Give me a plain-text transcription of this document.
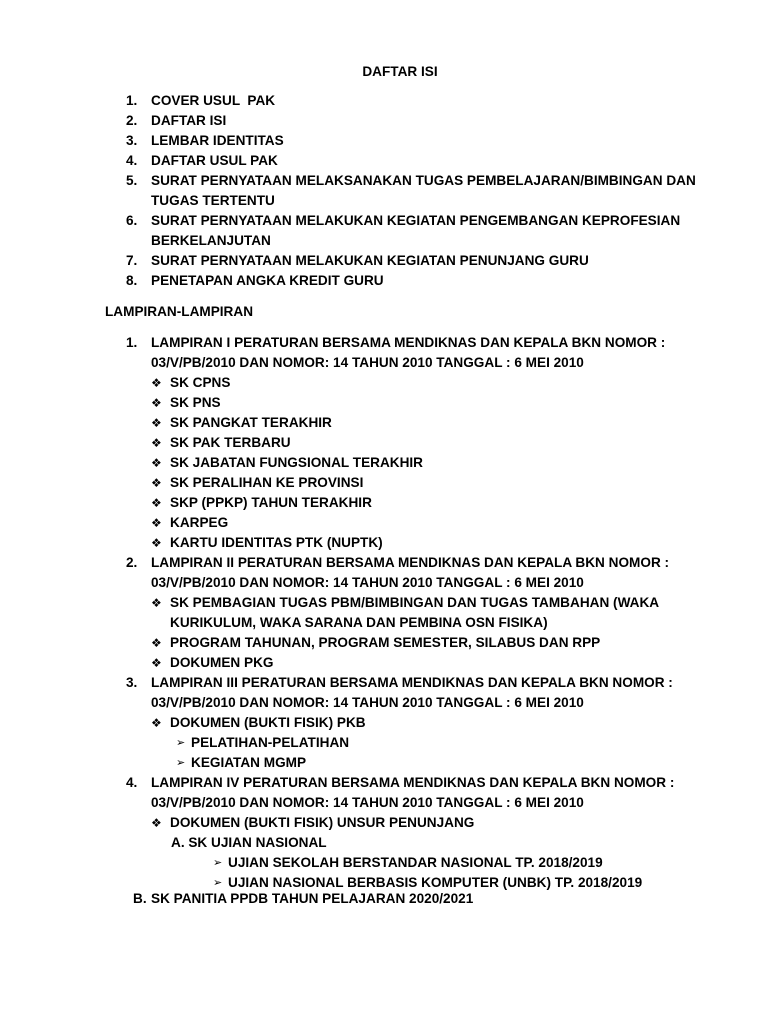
DAFTAR ISI
1.	COVER USUL  PAK
2.	DAFTAR ISI
3.	LEMBAR IDENTITAS
4.	DAFTAR USUL PAK
5.	SURAT PERNYATAAN MELAKSANAKAN TUGAS PEMBELAJARAN/BIMBINGAN DAN TUGAS TERTENTU
6.	SURAT PERNYATAAN MELAKUKAN KEGIATAN PENGEMBANGAN KEPROFESIAN BERKELANJUTAN
7.	SURAT PERNYATAAN MELAKUKAN KEGIATAN PENUNJANG GURU
8.	PENETAPAN ANGKA KREDIT GURU
LAMPIRAN-LAMPIRAN
1.	LAMPIRAN I PERATURAN BERSAMA MENDIKNAS DAN KEPALA BKN NOMOR : 03/V/PB/2010 DAN NOMOR: 14 TAHUN 2010 TANGGAL : 6 MEI 2010
❖ SK CPNS
❖ SK PNS
❖ SK PANGKAT TERAKHIR
❖ SK PAK TERBARU
❖ SK JABATAN FUNGSIONAL TERAKHIR
❖ SK PERALIHAN KE PROVINSI
❖ SKP (PPKP) TAHUN TERAKHIR
❖ KARPEG
❖ KARTU IDENTITAS PTK (NUPTK)
2.	LAMPIRAN II PERATURAN BERSAMA MENDIKNAS DAN KEPALA BKN NOMOR : 03/V/PB/2010 DAN NOMOR: 14 TAHUN 2010 TANGGAL : 6 MEI 2010
❖ SK PEMBAGIAN TUGAS PBM/BIMBINGAN DAN TUGAS TAMBAHAN (WAKA KURIKULUM, WAKA SARANA DAN PEMBINA OSN FISIKA)
❖ PROGRAM TAHUNAN, PROGRAM SEMESTER, SILABUS DAN RPP
❖ DOKUMEN PKG
3.	LAMPIRAN III PERATURAN BERSAMA MENDIKNAS DAN KEPALA BKN NOMOR : 03/V/PB/2010 DAN NOMOR: 14 TAHUN 2010 TANGGAL : 6 MEI 2010
❖ DOKUMEN (BUKTI FISIK) PKB
➢ PELATIHAN-PELATIHAN
➢ KEGIATAN MGMP
4.	LAMPIRAN IV PERATURAN BERSAMA MENDIKNAS DAN KEPALA BKN NOMOR : 03/V/PB/2010 DAN NOMOR: 14 TAHUN 2010 TANGGAL : 6 MEI 2010
❖ DOKUMEN (BUKTI FISIK) UNSUR PENUNJANG
A. SK UJIAN NASIONAL
➢ UJIAN SEKOLAH BERSTANDAR NASIONAL TP. 2018/2019
➢ UJIAN NASIONAL BERBASIS KOMPUTER (UNBK) TP. 2018/2019
B. SK PANITIA PPDB TAHUN PELAJARAN 2020/2021
